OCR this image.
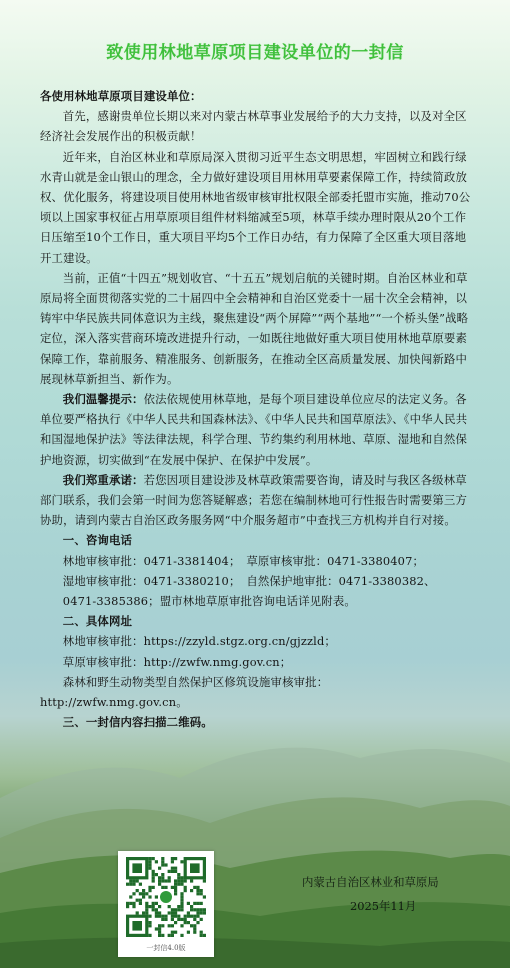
致使用林地草原项目建设单位的一封信

各使用林地草原项目建设单位：

首先，感谢贵单位长期以来对内蒙古林草事业发展给予的大力支持，以及对全区经济社会发展作出的积极贡献！

近年来，自治区林业和草原局深入贯彻习近平生态文明思想，牢固树立和践行绿水青山就是金山银山的理念，全力做好建设项目用林用草要素保障工作，持续简政放权、优化服务，将建设项目使用林地省级审核审批权限全部委托盟市实施，推动70公顷以上国家事权征占用草原项目组件材料缩减至5项，林草手续办理时限从20个工作日压缩至10个工作日，重大项目平均5个工作日办结，有力保障了全区重大项目落地开工建设。

当前，正值“十四五”规划收官、“十五五”规划启航的关键时期。自治区林业和草原局将全面贯彻落实党的二十届四中全会精神和自治区党委十一届十次全会精神，以铸牢中华民族共同体意识为主线，聚焦建设“两个屏障”“两个基地”“一个桥头堡”战略定位，深入落实营商环境改进提升行动，一如既往地做好重大项目使用林地草原要素保障工作，靠前服务、精准服务、创新服务，在推动全区高质量发展、加快闯新路中展现林草新担当、新作为。

我们温馨提示：依法依规使用林草地，是每个项目建设单位应尽的法定义务。各单位要严格执行《中华人民共和国森林法》、《中华人民共和国草原法》、《中华人民共和国湿地保护法》等法律法规，科学合理、节约集约利用林地、草原、湿地和自然保护地资源，切实做到“在发展中保护、在保护中发展”。

我们郑重承诺：若您因项目建设涉及林草政策需要咨询，请及时与我区各级林草部门联系，我们会第一时间为您答疑解惑；若您在编制林地可行性报告时需要第三方协助，请到内蒙古自治区政务服务网“中介服务超市”中查找三方机构并自行对接。

一、咨询电话

林地审核审批：0471-3381404；　草原审核审批：0471-3380407；

湿地审核审批：0471-3380210；　自然保护地审批：0471-3380382、

0471-3385386；盟市林地草原审批咨询电话详见附表。

二、具体网址

林地审核审批：https://zzyld.stgz.org.cn/gjzzld；

草原审核审批：http://zwfw.nmg.gov.cn；

森林和野生动物类型自然保护区修筑设施审核审批：

http://zwfw.nmg.gov.cn。

三、一封信内容扫描二维码。

一封信4.0版
内蒙古自治区林业和草原局
2025年11月
